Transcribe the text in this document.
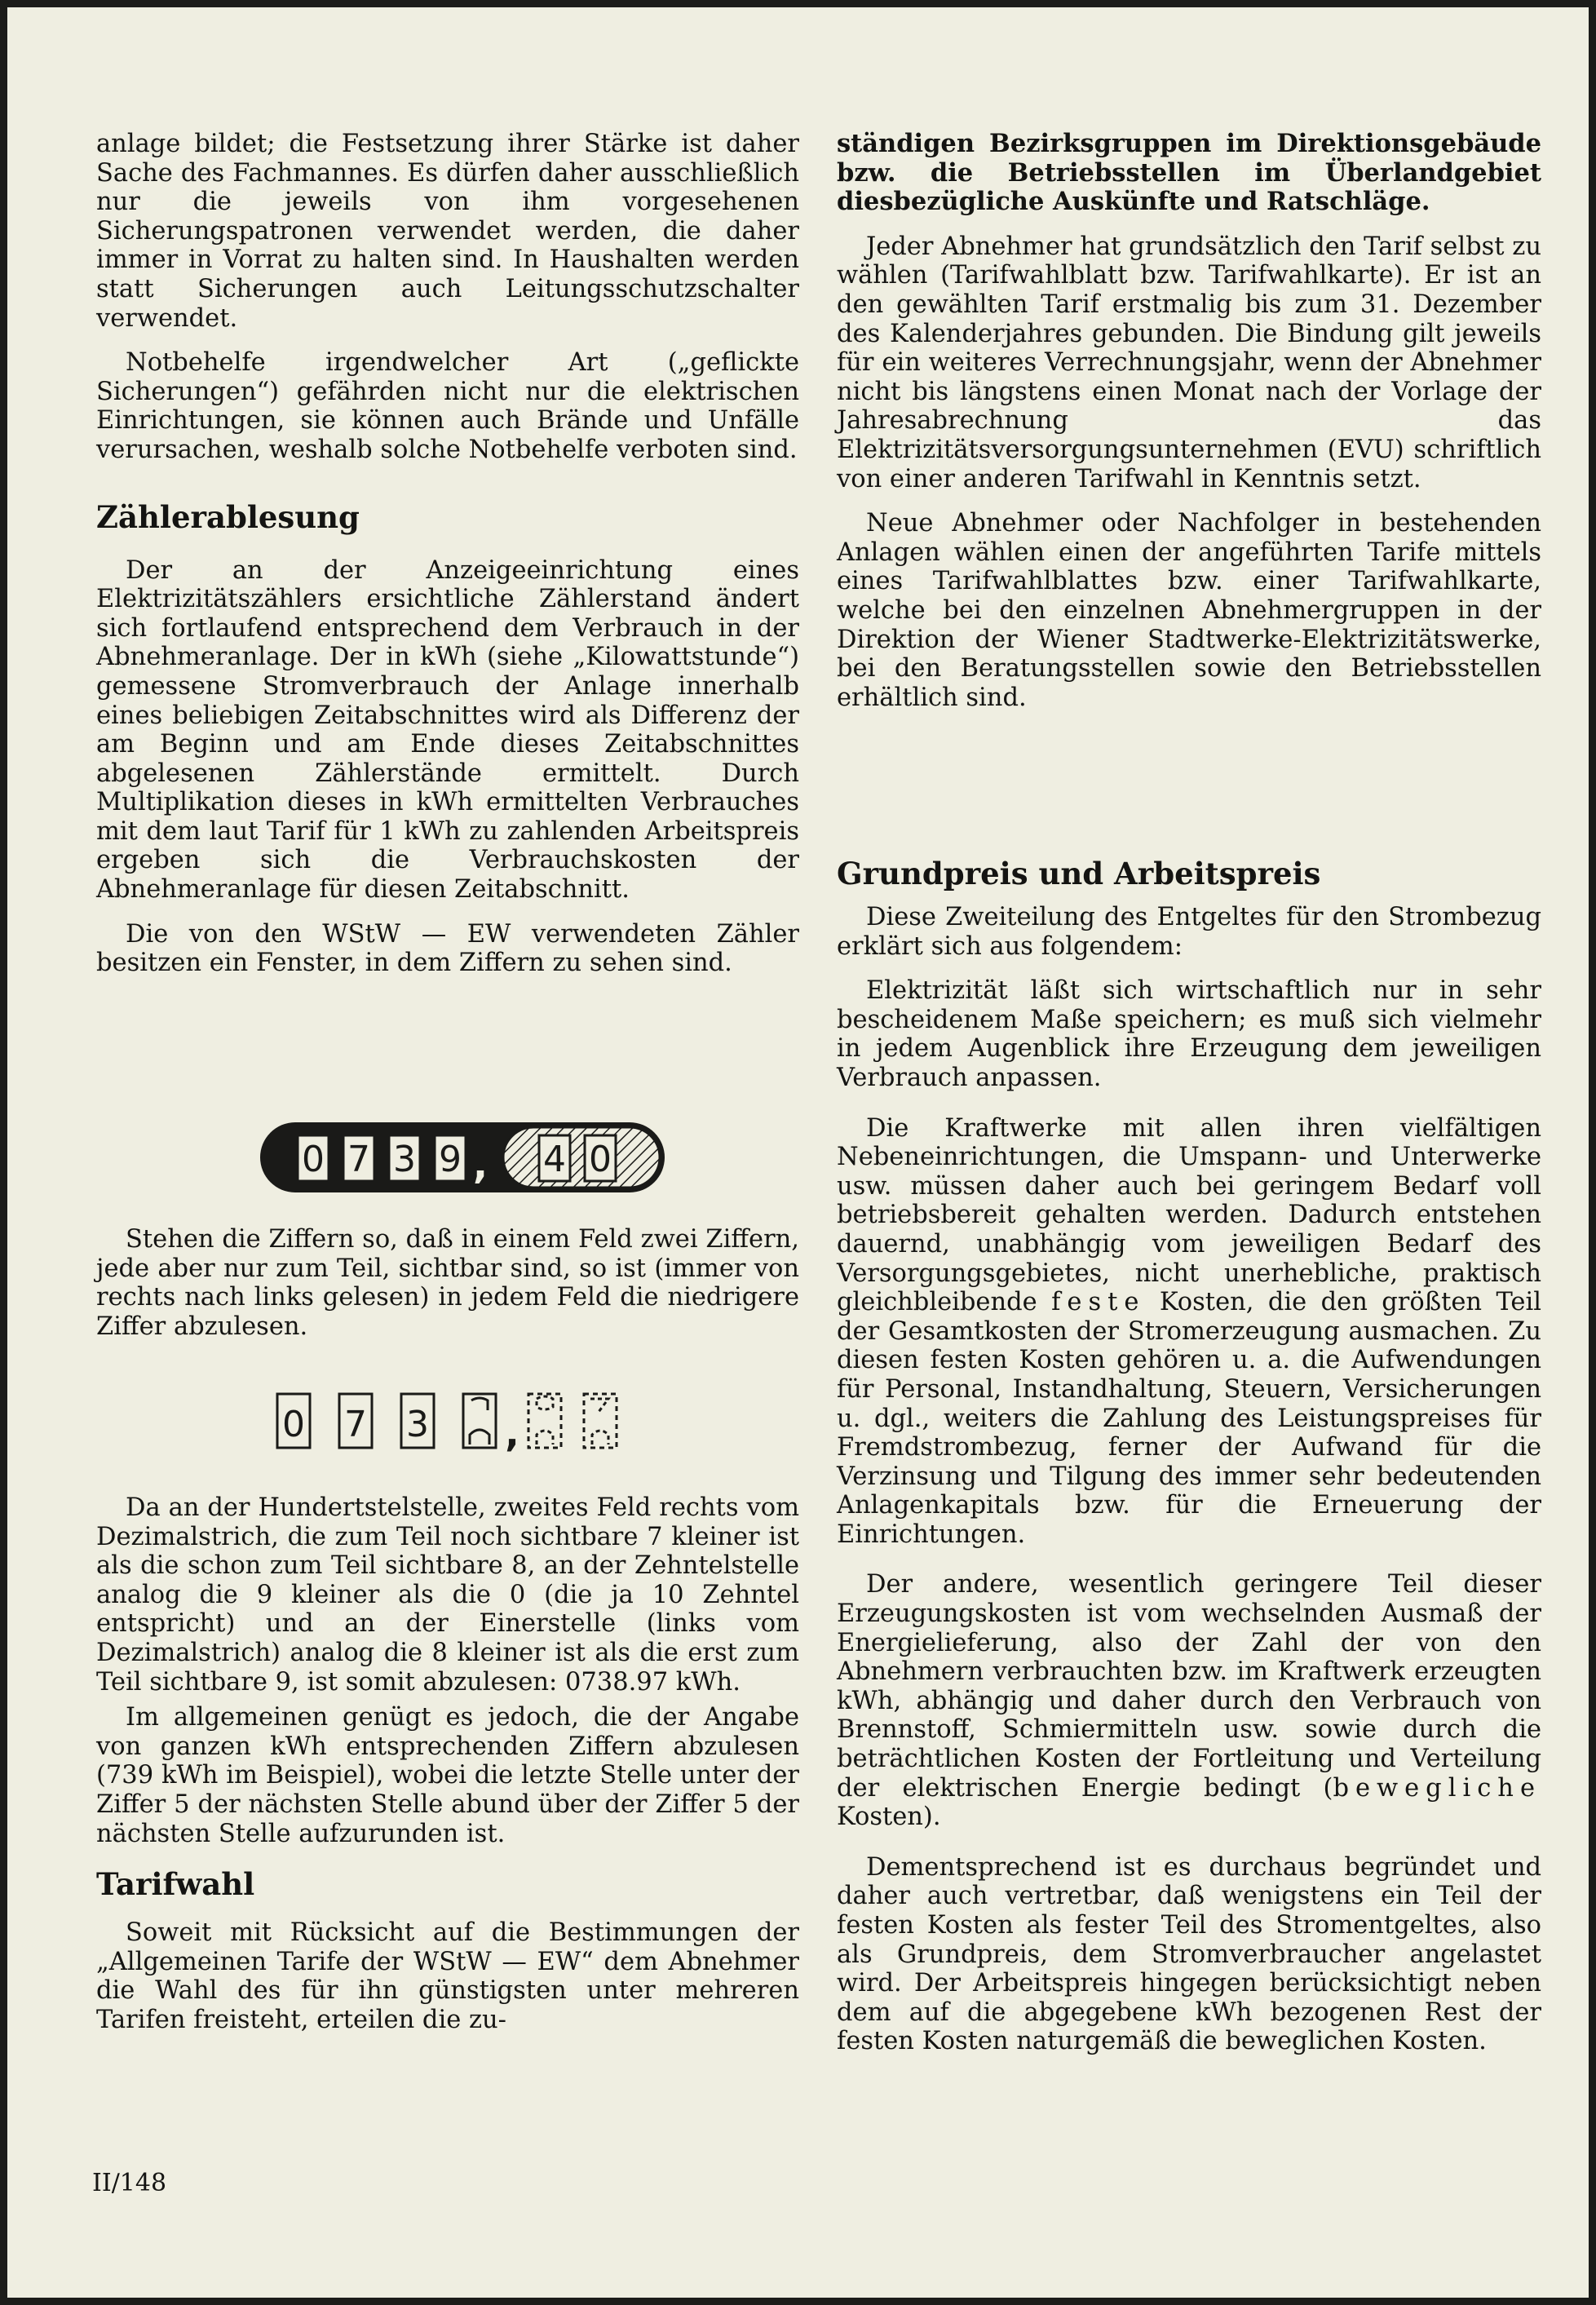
anlage bildet; die Festsetzung ihrer Stärke ist daher Sache des Fachmannes. Es dürfen daher ausschließlich nur die jeweils von ihm vorgesehenen Sicherungspatronen verwendet werden, die daher immer in Vorrat zu halten sind. In Haushalten werden statt Sicherungen auch Leitungsschutzschalter verwendet.

Notbehelfe irgendwelcher Art („geflickte Sicherungen“) gefährden nicht nur die elektrischen Einrichtungen, sie können auch Brände und Unfälle verursachen, weshalb solche Notbehelfe verboten sind.

Zählerablesung

Der an der Anzeigeeinrichtung eines Elektrizitätszählers ersichtliche Zählerstand ändert sich fortlaufend entsprechend dem Verbrauch in der Abnehmeranlage. Der in kWh (siehe „Kilowattstunde“) gemessene Stromverbrauch der Anlage innerhalb eines beliebigen Zeitabschnittes wird als Differenz der am Beginn und am Ende dieses Zeitabschnittes abgelesenen Zählerstände ermittelt. Durch Multiplikation dieses in kWh ermittelten Verbrauches mit dem laut Tarif für 1 kWh zu zahlenden Arbeitspreis ergeben sich die Verbrauchskosten der Abnehmeranlage für diesen Zeitabschnitt.

Die von den WStW — EW verwendeten Zähler besitzen ein Fenster, in dem Ziffern zu sehen sind.

Stehen die Ziffern so, daß in einem Feld zwei Ziffern, jede aber nur zum Teil, sichtbar sind, so ist (immer von rechts nach links gelesen) in jedem Feld die niedrigere Ziffer abzulesen.

Da an der Hundertstelstelle, zweites Feld rechts vom Dezimalstrich, die zum Teil noch sichtbare 7 kleiner ist als die schon zum Teil sichtbare 8, an der Zehntelstelle analog die 9 kleiner als die 0 (die ja 10 Zehntel entspricht) und an der Einerstelle (links vom Dezimalstrich) analog die 8 kleiner ist als die erst zum Teil sichtbare 9, ist somit abzulesen: 0738.97 kWh.

Im allgemeinen genügt es jedoch, die der Angabe von ganzen kWh entsprechenden Ziffern abzulesen (739 kWh im Beispiel), wobei die letzte Stelle unter der Ziffer 5 der nächsten Stelle abund über der Ziffer 5 der nächsten Stelle aufzurunden ist.

Tarifwahl

Soweit mit Rücksicht auf die Bestimmungen der „Allgemeinen Tarife der WStW — EW“ dem Abnehmer die Wahl des für ihn günstigsten unter mehreren Tarifen freisteht, erteilen die zu-

0 7 3 9 , 4 0
0 7 3 ,

ständigen Bezirksgruppen im Direktionsgebäude bzw. die Betriebsstellen im Überlandgebiet diesbezügliche Auskünfte und Ratschläge.

Jeder Abnehmer hat grundsätzlich den Tarif selbst zu wählen (Tarifwahlblatt bzw. Tarifwahlkarte). Er ist an den gewählten Tarif erstmalig bis zum 31. Dezember des Kalenderjahres gebunden. Die Bindung gilt jeweils für ein weiteres Verrechnungsjahr, wenn der Abnehmer nicht bis längstens einen Monat nach der Vorlage der Jahresabrechnung das Elektrizitätsversorgungsunternehmen (EVU) schriftlich von einer anderen Tarifwahl in Kenntnis setzt.

Neue Abnehmer oder Nachfolger in bestehenden Anlagen wählen einen der angeführten Tarife mittels eines Tarifwahlblattes bzw. einer Tarifwahlkarte, welche bei den einzelnen Abnehmergruppen in der Direktion der Wiener Stadtwerke-Elektrizitätswerke, bei den Beratungsstellen sowie den Betriebsstellen erhältlich sind.

Grundpreis und Arbeitspreis

Diese Zweiteilung des Entgeltes für den Strombezug erklärt sich aus folgendem:

Elektrizität läßt sich wirtschaftlich nur in sehr bescheidenem Maße speichern; es muß sich vielmehr in jedem Augenblick ihre Erzeugung dem jeweiligen Verbrauch anpassen.

Die Kraftwerke mit allen ihren vielfältigen Nebeneinrichtungen, die Umspann- und Unterwerke usw. müssen daher auch bei geringem Bedarf voll betriebsbereit gehalten werden. Dadurch entstehen dauernd, unabhängig vom jeweiligen Bedarf des Versorgungsgebietes, nicht unerhebliche, praktisch gleichbleibende feste Kosten, die den größten Teil der Gesamtkosten der Stromerzeugung ausmachen. Zu diesen festen Kosten gehören u. a. die Aufwendungen für Personal, Instandhaltung, Steuern, Versicherungen u. dgl., weiters die Zahlung des Leistungspreises für Fremdstrombezug, ferner der Aufwand für die Verzinsung und Tilgung des immer sehr bedeutenden Anlagenkapitals bzw. für die Erneuerung der Einrichtungen.

Der andere, wesentlich geringere Teil dieser Erzeugungskosten ist vom wechselnden Ausmaß der Energielieferung, also der Zahl der von den Abnehmern verbrauchten bzw. im Kraftwerk erzeugten kWh, abhängig und daher durch den Verbrauch von Brennstoff, Schmiermitteln usw. sowie durch die beträchtlichen Kosten der Fortleitung und Verteilung der elektrischen Energie bedingt (bewegliche Kosten).

Dementsprechend ist es durchaus begründet und daher auch vertretbar, daß wenigstens ein Teil der festen Kosten als fester Teil des Stromentgeltes, also als Grundpreis, dem Stromverbraucher angelastet wird. Der Arbeitspreis hingegen berücksichtigt neben dem auf die abgegebene kWh bezogenen Rest der festen Kosten naturgemäß die beweglichen Kosten.

II/148
